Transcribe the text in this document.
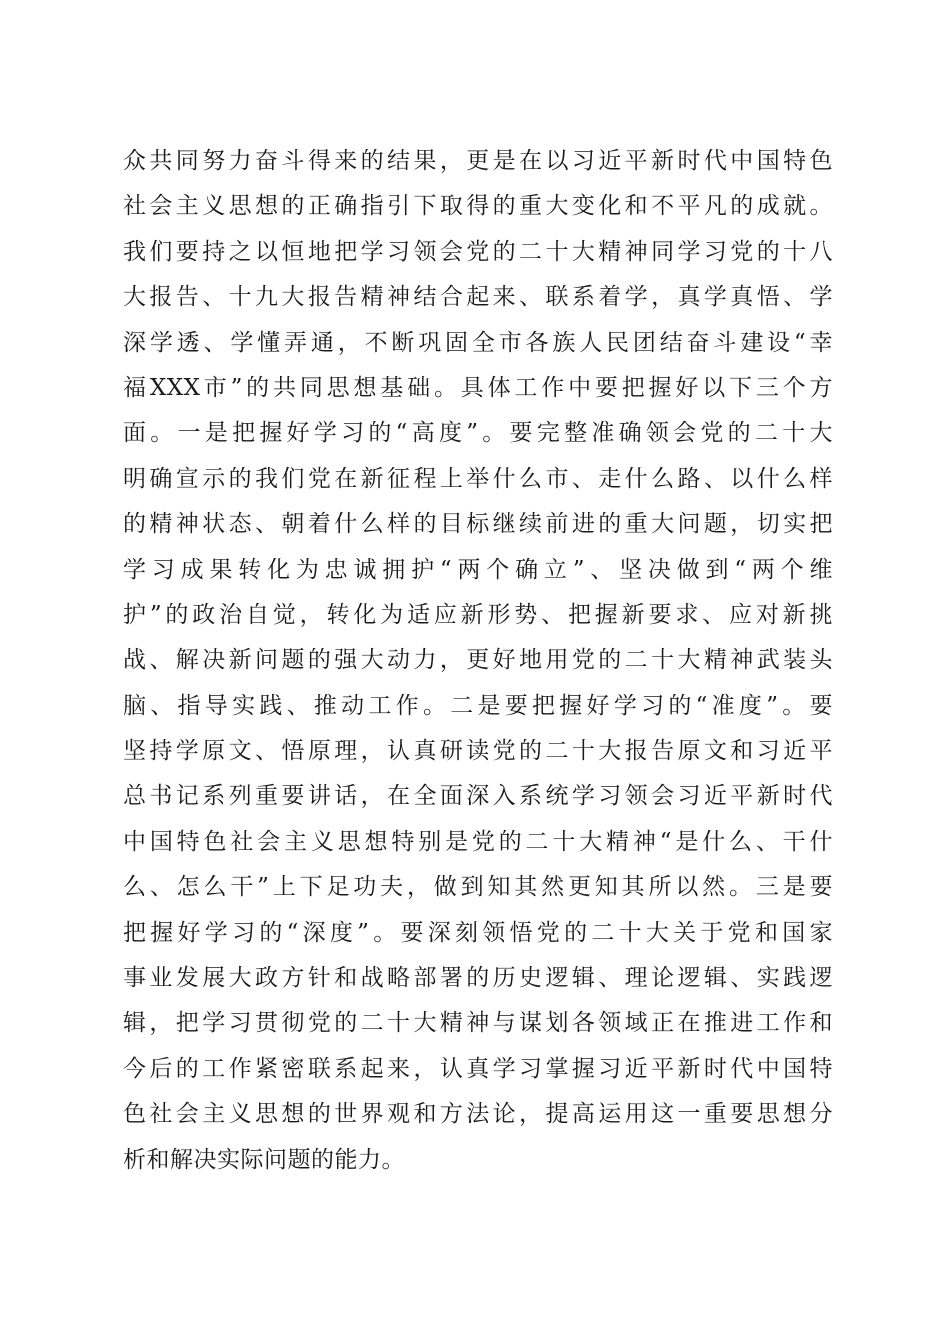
众共同努力奋斗得来的结果，更是在以习近平新时代中国特色
社会主义思想的正确指引下取得的重大变化和不平凡的成就。
我们要持之以恒地把学习领会党的二十大精神同学习党的十八
大报告、十九大报告精神结合起来、联系着学，真学真悟、学
深学透、学懂弄通，不断巩固全市各族人民团结奋斗建设“幸
福XXX市”的共同思想基础。具体工作中要把握好以下三个方
面。一是把握好学习的“高度”。要完整准确领会党的二十大
明确宣示的我们党在新征程上举什么市、走什么路、以什么样
的精神状态、朝着什么样的目标继续前进的重大问题，切实把
学习成果转化为忠诚拥护“两个确立”、坚决做到“两个维
护”的政治自觉，转化为适应新形势、把握新要求、应对新挑
战、解决新问题的强大动力，更好地用党的二十大精神武装头
脑、指导实践、推动工作。二是要把握好学习的“准度”。要
坚持学原文、悟原理，认真研读党的二十大报告原文和习近平
总书记系列重要讲话，在全面深入系统学习领会习近平新时代
中国特色社会主义思想特别是党的二十大精神“是什么、干什
么、怎么干”上下足功夫，做到知其然更知其所以然。三是要
把握好学习的“深度”。要深刻领悟党的二十大关于党和国家
事业发展大政方针和战略部署的历史逻辑、理论逻辑、实践逻
辑，把学习贯彻党的二十大精神与谋划各领域正在推进工作和
今后的工作紧密联系起来，认真学习掌握习近平新时代中国特
色社会主义思想的世界观和方法论，提高运用这一重要思想分
析和解决实际问题的能力。
